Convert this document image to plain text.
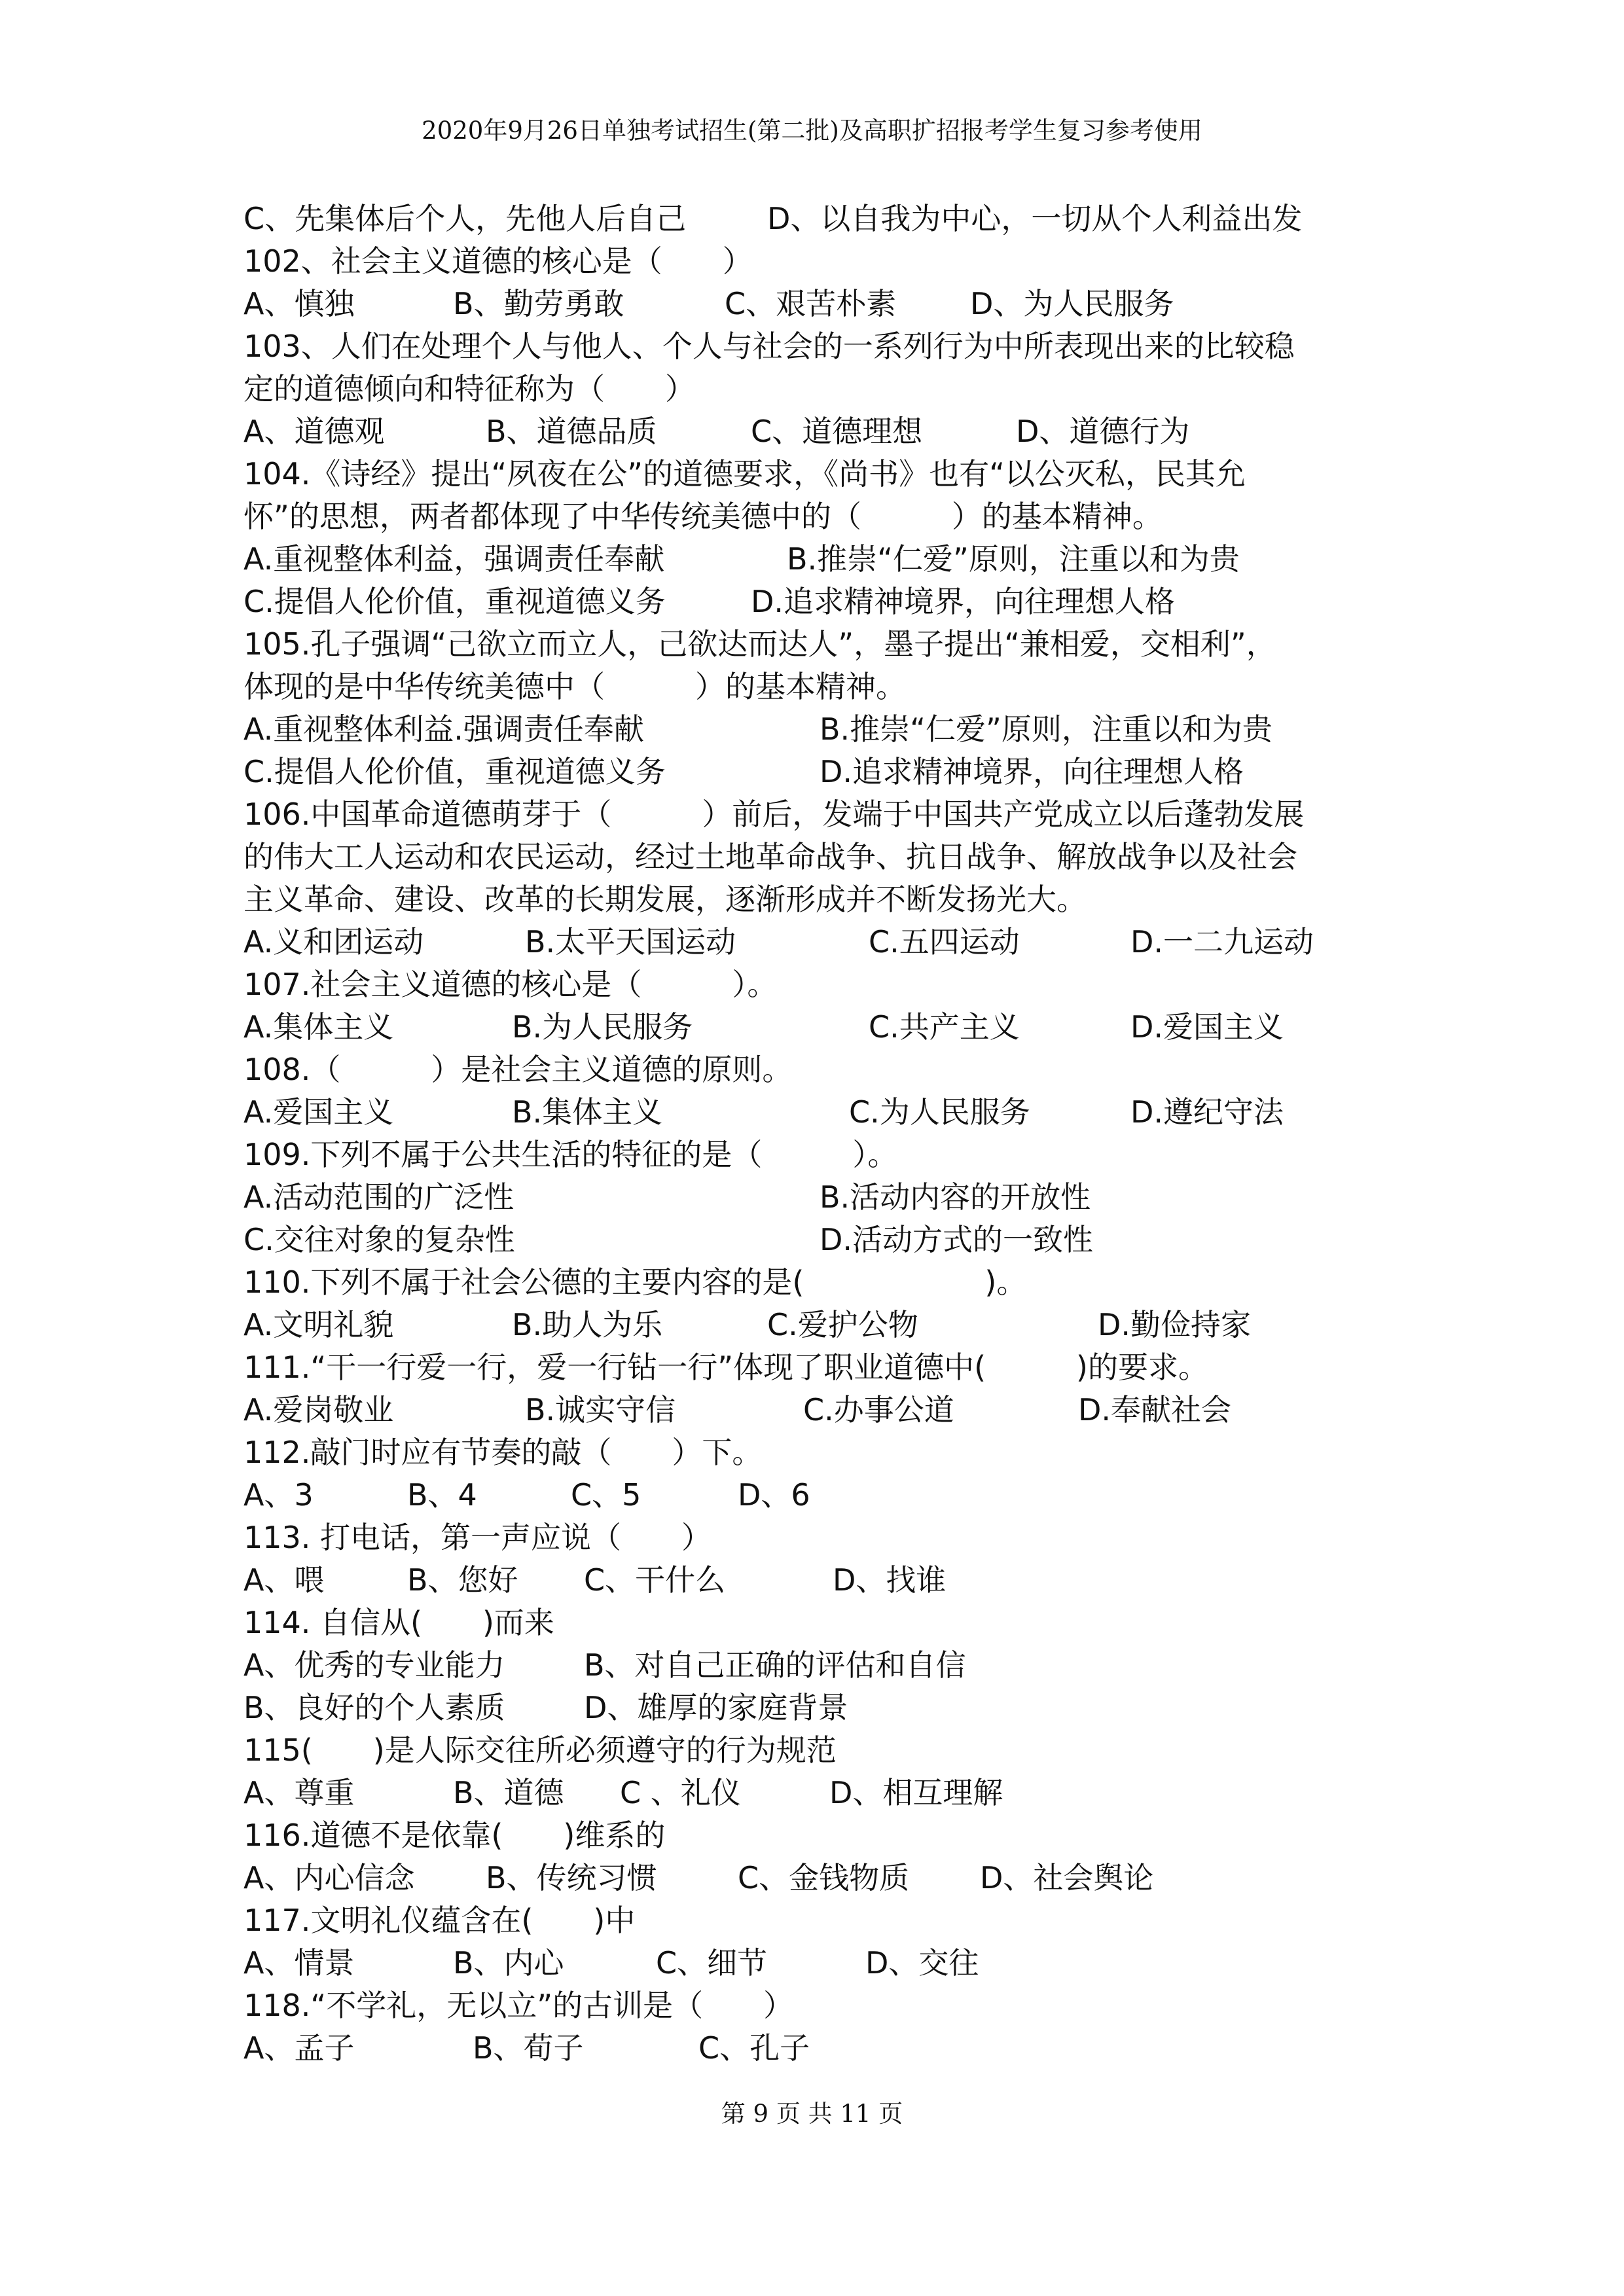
2020年9月26日单独考试招生(第二批)及高职扩招报考学生复习参考使用
C、先集体后个人，先他人后自己	D、以自我为中心，一切从个人利益出发
102、社会主义道德的核心是（　　）
A、慎独	B、勤劳勇敢	C、艰苦朴素 D、为人民服务
103、人们在处理个人与他人、个人与社会的一系列行为中所表现出来的比较稳
定的道德倾向和特征称为（　　）
A、道德观	B、道德品质	C、道德理想	D、道德行为
104.《诗经》提出“夙夜在公”的道德要求，《尚书》也有“以公灭私，民其允
怀”的思想，两者都体现了中华传统美德中的（　　　）的基本精神。
A.重视整体利益，强调责任奉献	B.推崇“仁爱”原则，注重以和为贵
C.提倡人伦价值，重视道德义务	D.追求精神境界，向往理想人格
105.孔子强调“己欲立而立人，己欲达而达人”，墨子提出“兼相爱，交相利”，
体现的是中华传统美德中（　　　）的基本精神。
A.重视整体利益.强调责任奉献	B.推崇“仁爱”原则，注重以和为贵
C.提倡人伦价值，重视道德义务	D.追求精神境界，向往理想人格
106.中国革命道德萌芽于（　　　）前后，发端于中国共产党成立以后蓬勃发展
的伟大工人运动和农民运动，经过土地革命战争、抗日战争、解放战争以及社会
主义革命、建设、改革的长期发展，逐渐形成并不断发扬光大。
A.义和团运动	B.太平天国运动	C.五四运动	D.一二九运动
107.社会主义道德的核心是（　　　）。
A.集体主义	B.为人民服务	C.共产主义	D.爱国主义
108.（　　　）是社会主义道德的原则。
A.爱国主义	B.集体主义	C.为人民服务	D.遵纪守法
109.下列不属于公共生活的特征的是（　　　）。
A.活动范围的广泛性	B.活动内容的开放性
C.交往对象的复杂性	D.活动方式的一致性
110.下列不属于社会公德的主要内容的是(　　　　　　)。
A.文明礼貌	B.助人为乐	C.爱护公物	D.勤俭持家
111.“干一行爱一行，爱一行钻一行”体现了职业道德中(　　　)的要求。
A.爱岗敬业	B.诚实守信	C.办事公道	D.奉献社会
112.敲门时应有节奏的敲（　　）下。
A、3	B、4	C、5	D、6
113. 打电话，第一声应说（　　）
A、喂	B、您好 C、干什么	D、找谁
114. 自信从(　　)而来
A、优秀的专业能力	B、对自己正确的评估和自信
B、良好的个人素质	D、雄厚的家庭背景
115(　　)是人际交往所必须遵守的行为规范
A、尊重	B、道德 C 、礼仪	D、相互理解
116.道德不是依靠(　　)维系的
A、内心信念 B、传统习惯	C、金钱物质 D、社会舆论
117.文明礼仪蕴含在(　　)中
A、情景	B、内心	C、细节	D、交往
118.“不学礼，无以立”的古训是（　　）
A、孟子	B、荀子	C、孔子
第 9 页 共 11 页
